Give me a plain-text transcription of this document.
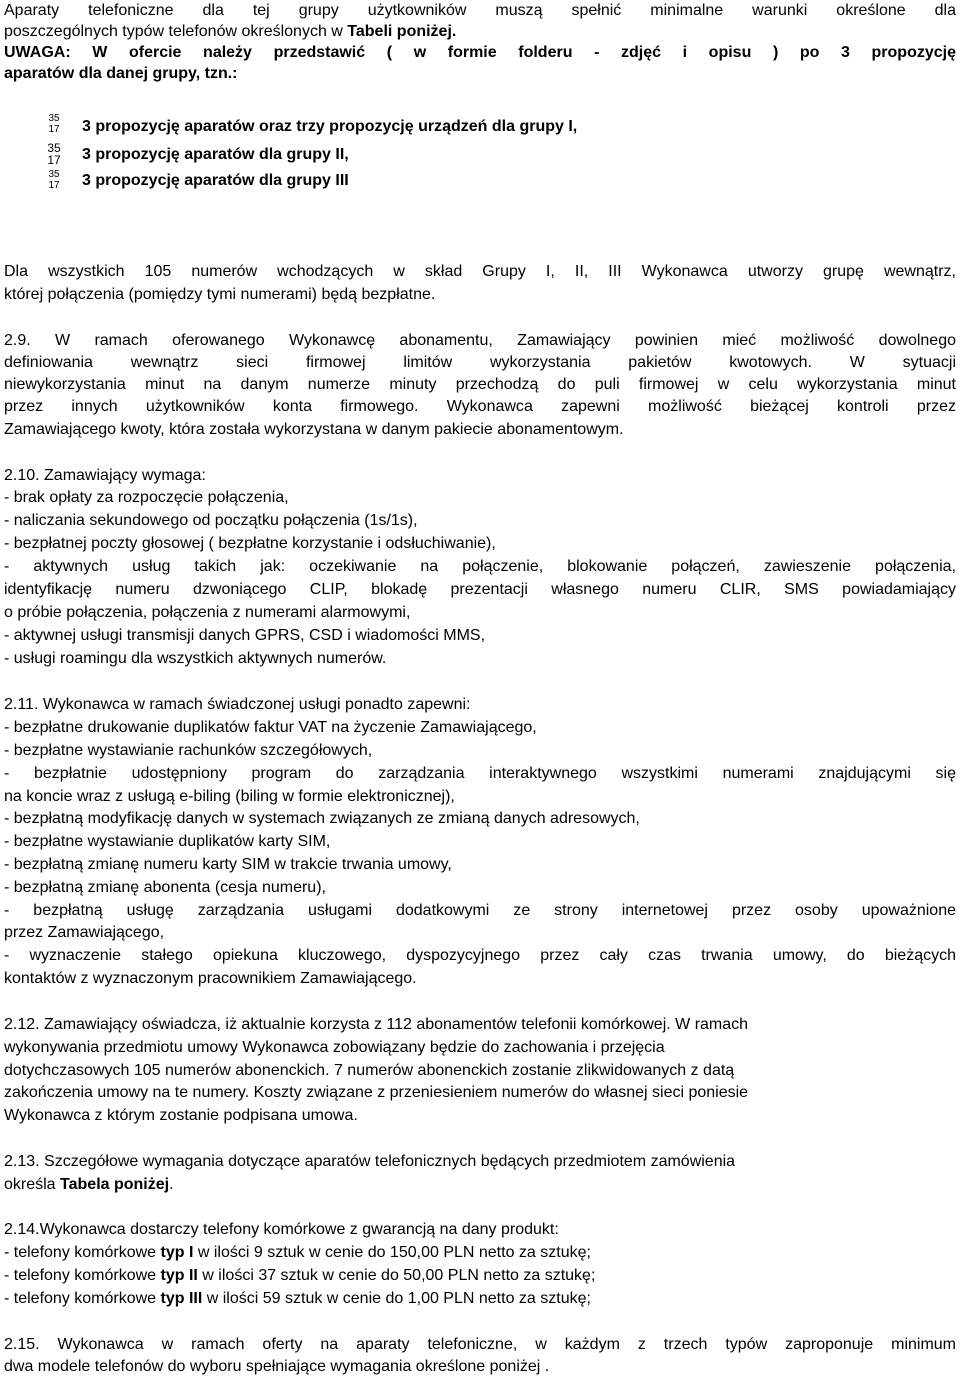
Aparaty telefoniczne dla tej grupy użytkowników muszą spełnić minimalne warunki określone dla
poszczególnych typów telefonów określonych w Tabeli poniżej.
UWAGA: W ofercie należy przedstawić ( w formie folderu - zdjęć i opisu ) po 3 propozycję
aparatów dla danej grupy, tzn.:
35
17 3 propozycję aparatów oraz trzy propozycję urządzeń dla grupy I,
35
17 3 propozycję aparatów dla grupy II,
35
17 3 propozycję aparatów dla grupy III
Dla wszystkich 105 numerów wchodzących w skład Grupy I, II, III Wykonawca utworzy grupę wewnątrz,
której połączenia (pomiędzy tymi numerami) będą bezpłatne.
2.9. W ramach oferowanego Wykonawcę abonamentu, Zamawiający powinien mieć możliwość dowolnego
definiowania wewnątrz sieci firmowej limitów wykorzystania pakietów kwotowych. W sytuacji
niewykorzystania minut na danym numerze minuty przechodzą do puli firmowej w celu wykorzystania minut
przez innych użytkowników konta firmowego. Wykonawca zapewni możliwość bieżącej kontroli przez
Zamawiającego kwoty, która została wykorzystana w danym pakiecie abonamentowym.
2.10. Zamawiający wymaga:
- brak opłaty za rozpoczęcie połączenia,
- naliczania sekundowego od początku połączenia (1s/1s),
- bezpłatnej poczty głosowej ( bezpłatne korzystanie i odsłuchiwanie),
- aktywnych usług takich jak: oczekiwanie na połączenie, blokowanie połączeń, zawieszenie połączenia,
identyfikację numeru dzwoniącego CLIP, blokadę prezentacji własnego numeru CLIR, SMS powiadamiający
o próbie połączenia, połączenia z numerami alarmowymi,
- aktywnej usługi transmisji danych GPRS, CSD i wiadomości MMS,
- usługi roamingu dla wszystkich aktywnych numerów.
2.11. Wykonawca w ramach świadczonej usługi ponadto zapewni:
- bezpłatne drukowanie duplikatów faktur VAT na życzenie Zamawiającego,
- bezpłatne wystawianie rachunków szczegółowych,
- bezpłatnie udostępniony program do zarządzania interaktywnego wszystkimi numerami znajdującymi się
na koncie wraz z usługą e-biling (biling w formie elektronicznej),
- bezpłatną modyfikację danych w systemach związanych ze zmianą danych adresowych,
- bezpłatne wystawianie duplikatów karty SIM,
- bezpłatną zmianę numeru karty SIM w trakcie trwania umowy,
- bezpłatną zmianę abonenta (cesja numeru),
- bezpłatną usługę zarządzania usługami dodatkowymi ze strony internetowej przez osoby upoważnione
przez Zamawiającego,
- wyznaczenie stałego opiekuna kluczowego, dyspozycyjnego przez cały czas trwania umowy, do bieżących
kontaktów z wyznaczonym pracownikiem Zamawiającego.
2.12. Zamawiający oświadcza, iż aktualnie korzysta z 112 abonamentów telefonii komórkowej. W ramach
wykonywania przedmiotu umowy Wykonawca zobowiązany będzie do zachowania i przejęcia
dotychczasowych 105 numerów abonenckich. 7 numerów abonenckich zostanie zlikwidowanych z datą
zakończenia umowy na te numery. Koszty związane z przeniesieniem numerów do własnej sieci poniesie
Wykonawca z którym zostanie podpisana umowa.
2.13. Szczegółowe wymagania dotyczące aparatów telefonicznych będących przedmiotem zamówienia
określa Tabela poniżej.
2.14.Wykonawca dostarczy telefony komórkowe z gwarancją na dany produkt:
- telefony komórkowe typ I w ilości 9 sztuk w cenie do 150,00 PLN netto za sztukę;
- telefony komórkowe typ II w ilości 37 sztuk w cenie do 50,00 PLN netto za sztukę;
- telefony komórkowe typ III w ilości 59 sztuk w cenie do 1,00 PLN netto za sztukę;
2.15. Wykonawca w ramach oferty na aparaty telefoniczne, w każdym z trzech typów zaproponuje minimum
dwa modele telefonów do wyboru spełniające wymagania określone poniżej .
